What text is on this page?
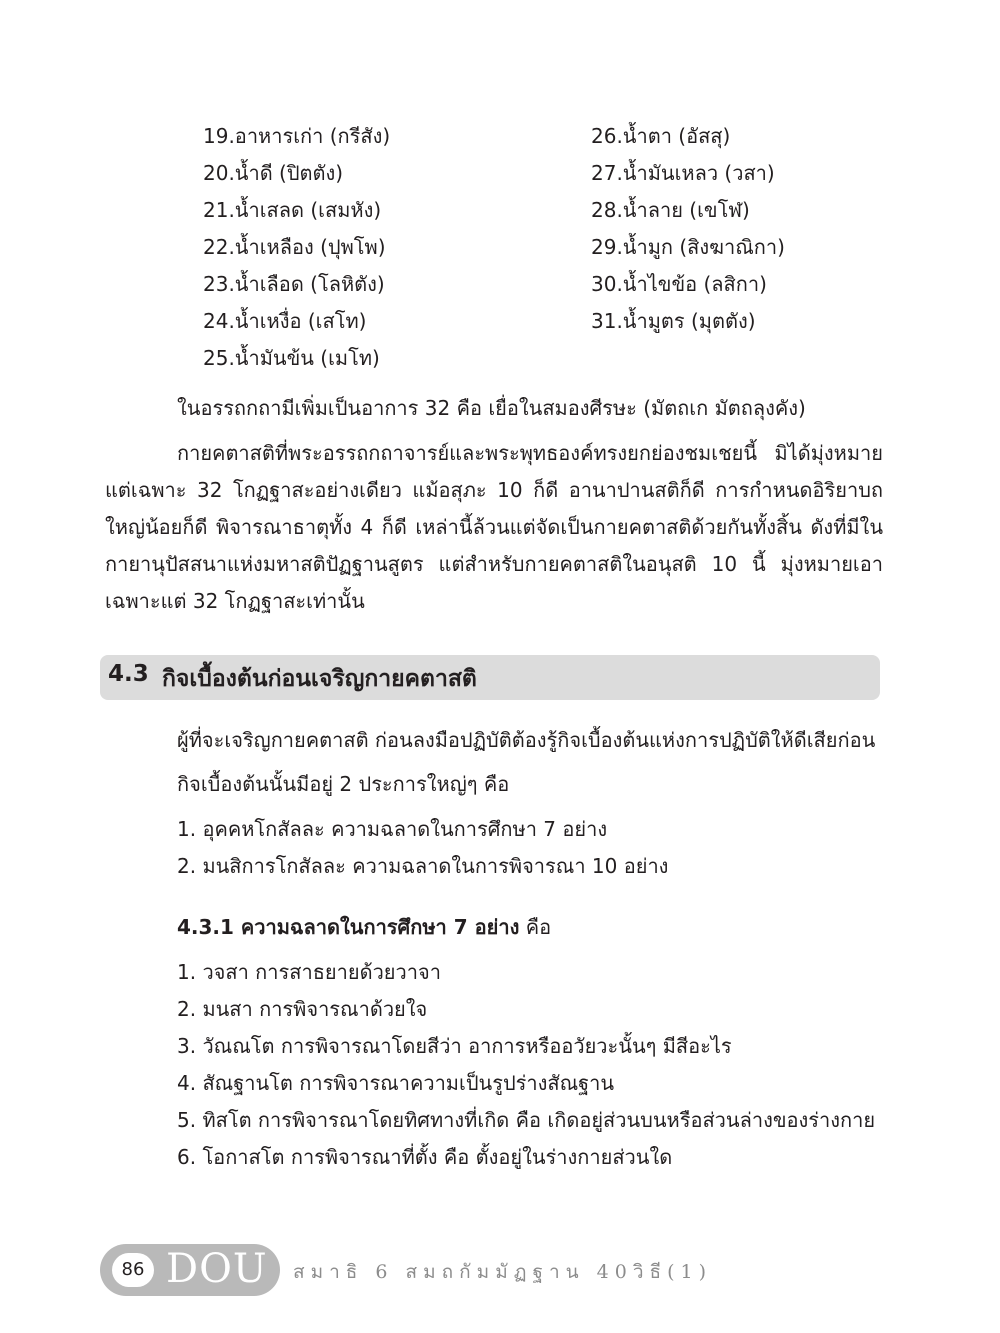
19.อาหารเก่า (กรีสัง)
20.น้ำดี (ปิตตัง)
21.น้ำเสลด (เสมหัง)
22.น้ำเหลือง (ปุพโพ)
23.น้ำเลือด (โลหิตัง)
24.น้ำเหงื่อ (เสโท)
25.น้ำมันข้น (เมโท)
26.น้ำตา (อัสสุ)
27.น้ำมันเหลว (วสา)
28.น้ำลาย (เขโฬ)
29.น้ำมูก (สิงฆาณิกา)
30.น้ำไขข้อ (ลสิกา)
31.น้ำมูตร (มุตตัง)
ในอรรถกถามีเพิ่มเป็นอาการ 32 คือ เยื่อในสมองศีรษะ (มัตถเก มัตถลุงคัง)
กายคตาสติที่พระอรรถกถาจารย์และพระพุทธองค์ทรงยกย่องชมเชยนี้ มิได้มุ่งหมาย
แต่เฉพาะ 32 โกฏฐาสะอย่างเดียว แม้อสุภะ 10 ก็ดี อานาปานสติก็ดี การกำหนดอิริยาบถ
ใหญ่น้อยก็ดี พิจารณาธาตุทั้ง 4 ก็ดี เหล่านี้ล้วนแต่จัดเป็นกายคตาสติด้วยกันทั้งสิ้น ดังที่มีใน
กายานุปัสสนาแห่งมหาสติปัฏฐานสูตร แต่สำหรับกายคตาสติในอนุสติ 10 นี้ มุ่งหมายเอา
เฉพาะแต่ 32 โกฏฐาสะเท่านั้น
4.3 กิจเบื้องต้นก่อนเจริญกายคตาสติ
ผู้ที่จะเจริญกายคตาสติ ก่อนลงมือปฏิบัติต้องรู้กิจเบื้องต้นแห่งการปฏิบัติให้ดีเสียก่อน
กิจเบื้องต้นนั้นมีอยู่ 2 ประการใหญ่ๆ คือ
1. อุคคหโกสัลละ ความฉลาดในการศึกษา 7 อย่าง
2. มนสิการโกสัลละ ความฉลาดในการพิจารณา 10 อย่าง
4.3.1 ความฉลาดในการศึกษา 7 อย่าง คือ
1. วจสา การสาธยายด้วยวาจา
2. มนสา การพิจารณาด้วยใจ
3. วัณณโต การพิจารณาโดยสีว่า อาการหรืออวัยวะนั้นๆ มีสีอะไร
4. สัณฐานโต การพิจารณาความเป็นรูปร่างสัณฐาน
5. ทิสโต การพิจารณาโดยทิศทางที่เกิด คือ เกิดอยู่ส่วนบนหรือส่วนล่างของร่างกาย
6. โอกาสโต การพิจารณาที่ตั้ง คือ ตั้งอยู่ในร่างกายส่วนใด
86 DOU สมาธิ 6 สมถกัมมัฏฐาน 40วิธี(1)
